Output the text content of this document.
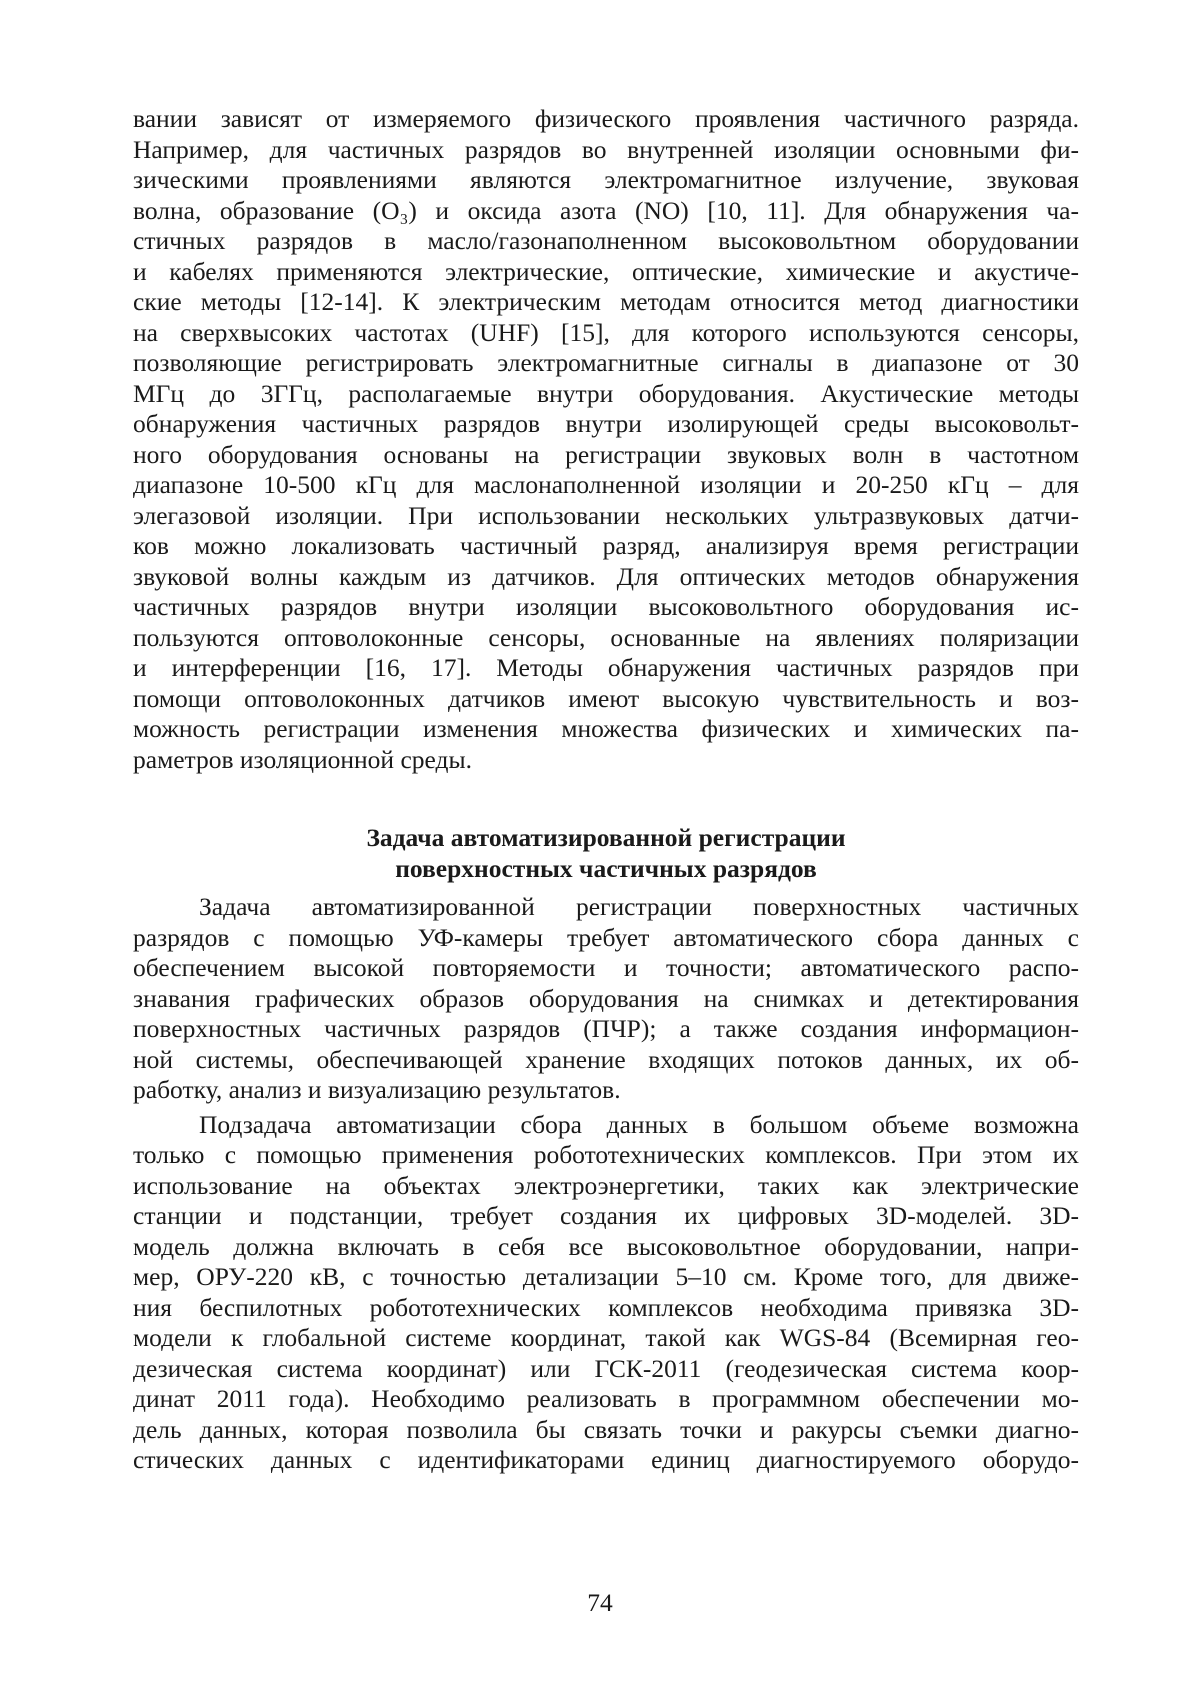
вании зависят от измеряемого физического проявления частичного разряда.
Например, для частичных разрядов во внутренней изоляции основными фи-
зическими проявлениями являются электромагнитное излучение, звуковая
волна, образование (O₃) и оксида азота (NO) [10, 11]. Для обнаружения ча-
стичных разрядов в масло/газонаполненном высоковольтном оборудовании
и кабелях применяются электрические, оптические, химические и акустиче-
ские методы [12-14]. К электрическим методам относится метод диагностики
на сверхвысоких частотах (UHF) [15], для которого используются сенсоры,
позволяющие регистрировать электромагнитные сигналы в диапазоне от 30
МГц до 3ГГц, располагаемые внутри оборудования. Акустические методы
обнаружения частичных разрядов внутри изолирующей среды высоковольт-
ного оборудования основаны на регистрации звуковых волн в частотном
диапазоне 10-500 кГц для маслонаполненной изоляции и 20-250 кГц – для
элегазовой изоляции. При использовании нескольких ультразвуковых датчи-
ков можно локализовать частичный разряд, анализируя время регистрации
звуковой волны каждым из датчиков. Для оптических методов обнаружения
частичных разрядов внутри изоляции высоковольтного оборудования ис-
пользуются оптоволоконные сенсоры, основанные на явлениях поляризации
и интерференции [16, 17]. Методы обнаружения частичных разрядов при
помощи оптоволоконных датчиков имеют высокую чувствительность и воз-
можность регистрации изменения множества физических и химических па-
раметров изоляционной среды.
Задача автоматизированной регистрации
поверхностных частичных разрядов
Задача автоматизированной регистрации поверхностных частичных
разрядов с помощью УФ-камеры требует автоматического сбора данных с
обеспечением высокой повторяемости и точности; автоматического распо-
знавания графических образов оборудования на снимках и детектирования
поверхностных частичных разрядов (ПЧР); а также создания информацион-
ной системы, обеспечивающей хранение входящих потоков данных, их об-
работку, анализ и визуализацию результатов.
Подзадача автоматизации сбора данных в большом объеме возможна
только с помощью применения робототехнических комплексов. При этом их
использование на объектах электроэнергетики, таких как электрические
станции и подстанции, требует создания их цифровых 3D-моделей. 3D-
модель должна включать в себя все высоковольтное оборудовании, напри-
мер, ОРУ-220 кВ, с точностью детализации 5–10 см. Кроме того, для движе-
ния беспилотных робототехнических комплексов необходима привязка 3D-
модели к глобальной системе координат, такой как WGS-84 (Всемирная гео-
дезическая система координат) или ГСК-2011 (геодезическая система коор-
динат 2011 года). Необходимо реализовать в программном обеспечении мо-
дель данных, которая позволила бы связать точки и ракурсы съемки диагно-
стических данных с идентификаторами единиц диагностируемого оборудо-
74
